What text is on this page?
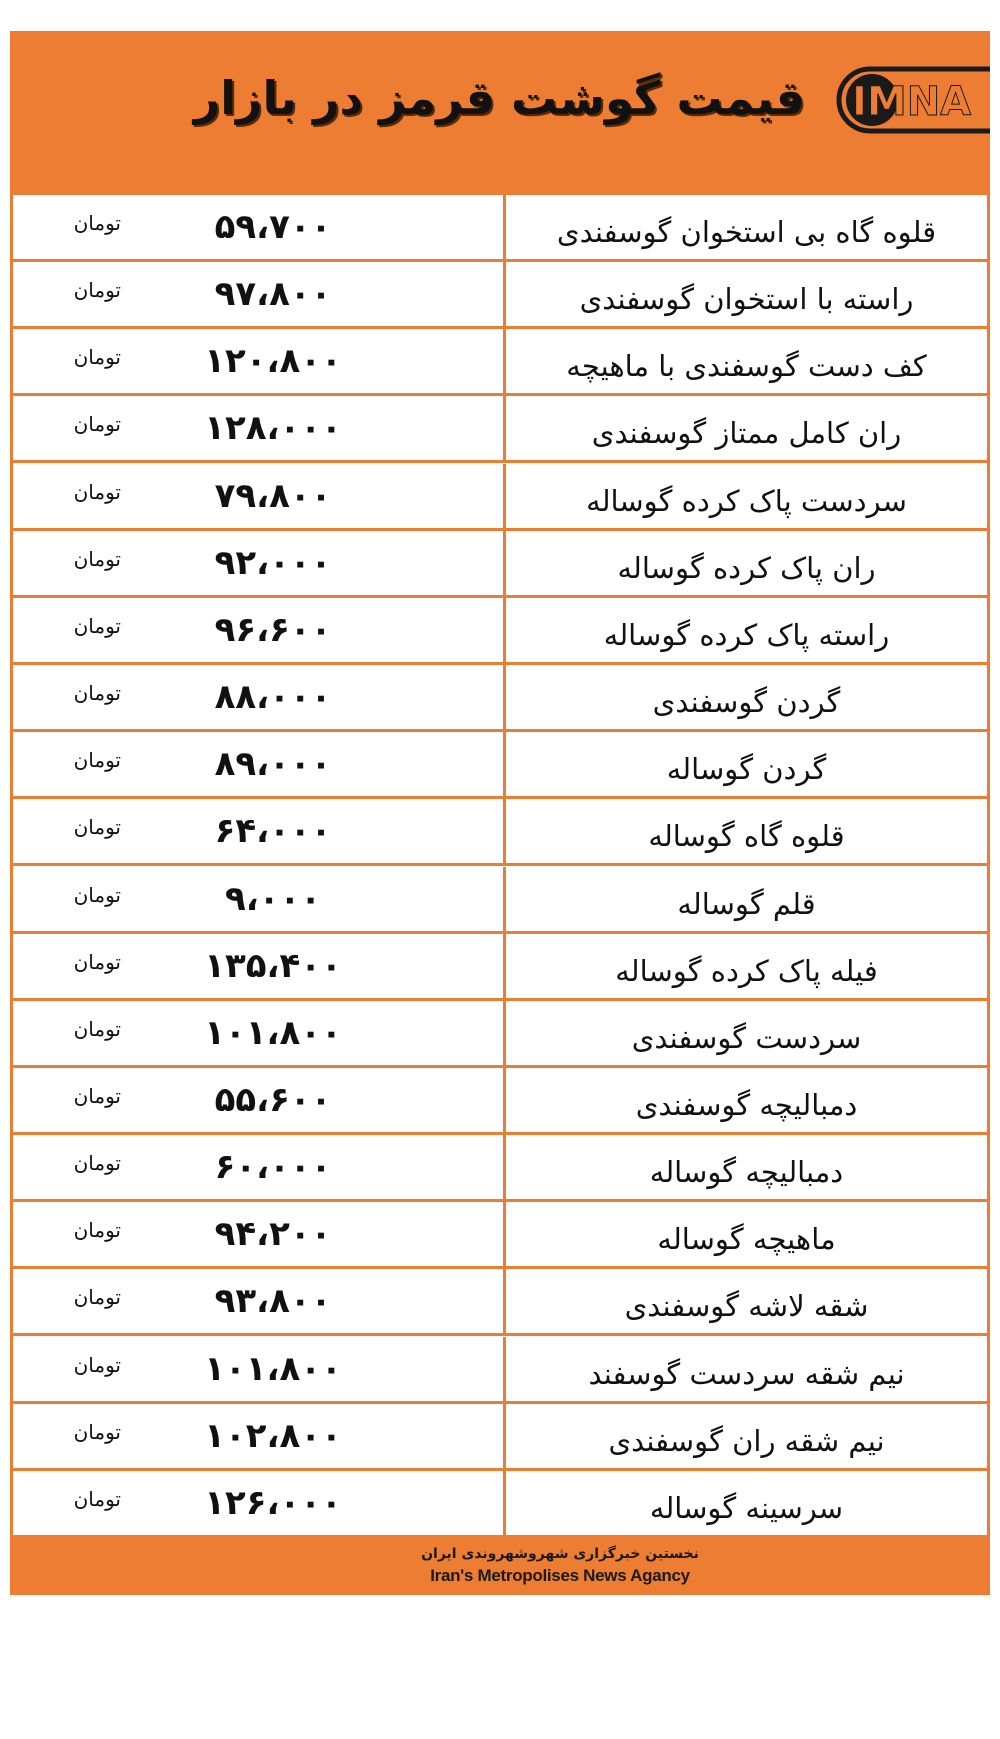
قیمت گوشت قرمز در بازار IMNA
تومان	۵۹،۷۰۰	قلوه گاه بی استخوان گوسفندی
تومان	۹۷،۸۰۰	راسته با استخوان گوسفندی
تومان	۱۲۰،۸۰۰	کف دست گوسفندی با ماهیچه
تومان	۱۲۸،۰۰۰	ران کامل ممتاز گوسفندی
تومان	۷۹،۸۰۰	سردست پاک کرده گوساله
تومان	۹۲،۰۰۰	ران پاک کرده گوساله
تومان	۹۶،۶۰۰	راسته پاک کرده گوساله
تومان	۸۸،۰۰۰	گردن گوسفندی
تومان	۸۹،۰۰۰	گردن گوساله
تومان	۶۴،۰۰۰	قلوه گاه گوساله
تومان	۹،۰۰۰	قلم گوساله
تومان	۱۳۵،۴۰۰	فیله پاک کرده گوساله
تومان	۱۰۱،۸۰۰	سردست گوسفندی
تومان	۵۵،۶۰۰	دمبالیچه گوسفندی
تومان	۶۰،۰۰۰	دمبالیچه گوساله
تومان	۹۴،۲۰۰	ماهیچه گوساله
تومان	۹۳،۸۰۰	شقه لاشه گوسفندی
تومان	۱۰۱،۸۰۰	نیم شقه سردست گوسفند
تومان	۱۰۲،۸۰۰	نیم شقه ران گوسفندی
تومان	۱۲۶،۰۰۰	سرسینه گوساله
نخستین خبرگزاری شهروشهروندی ایران
Iran's Metropolises News Agancy
